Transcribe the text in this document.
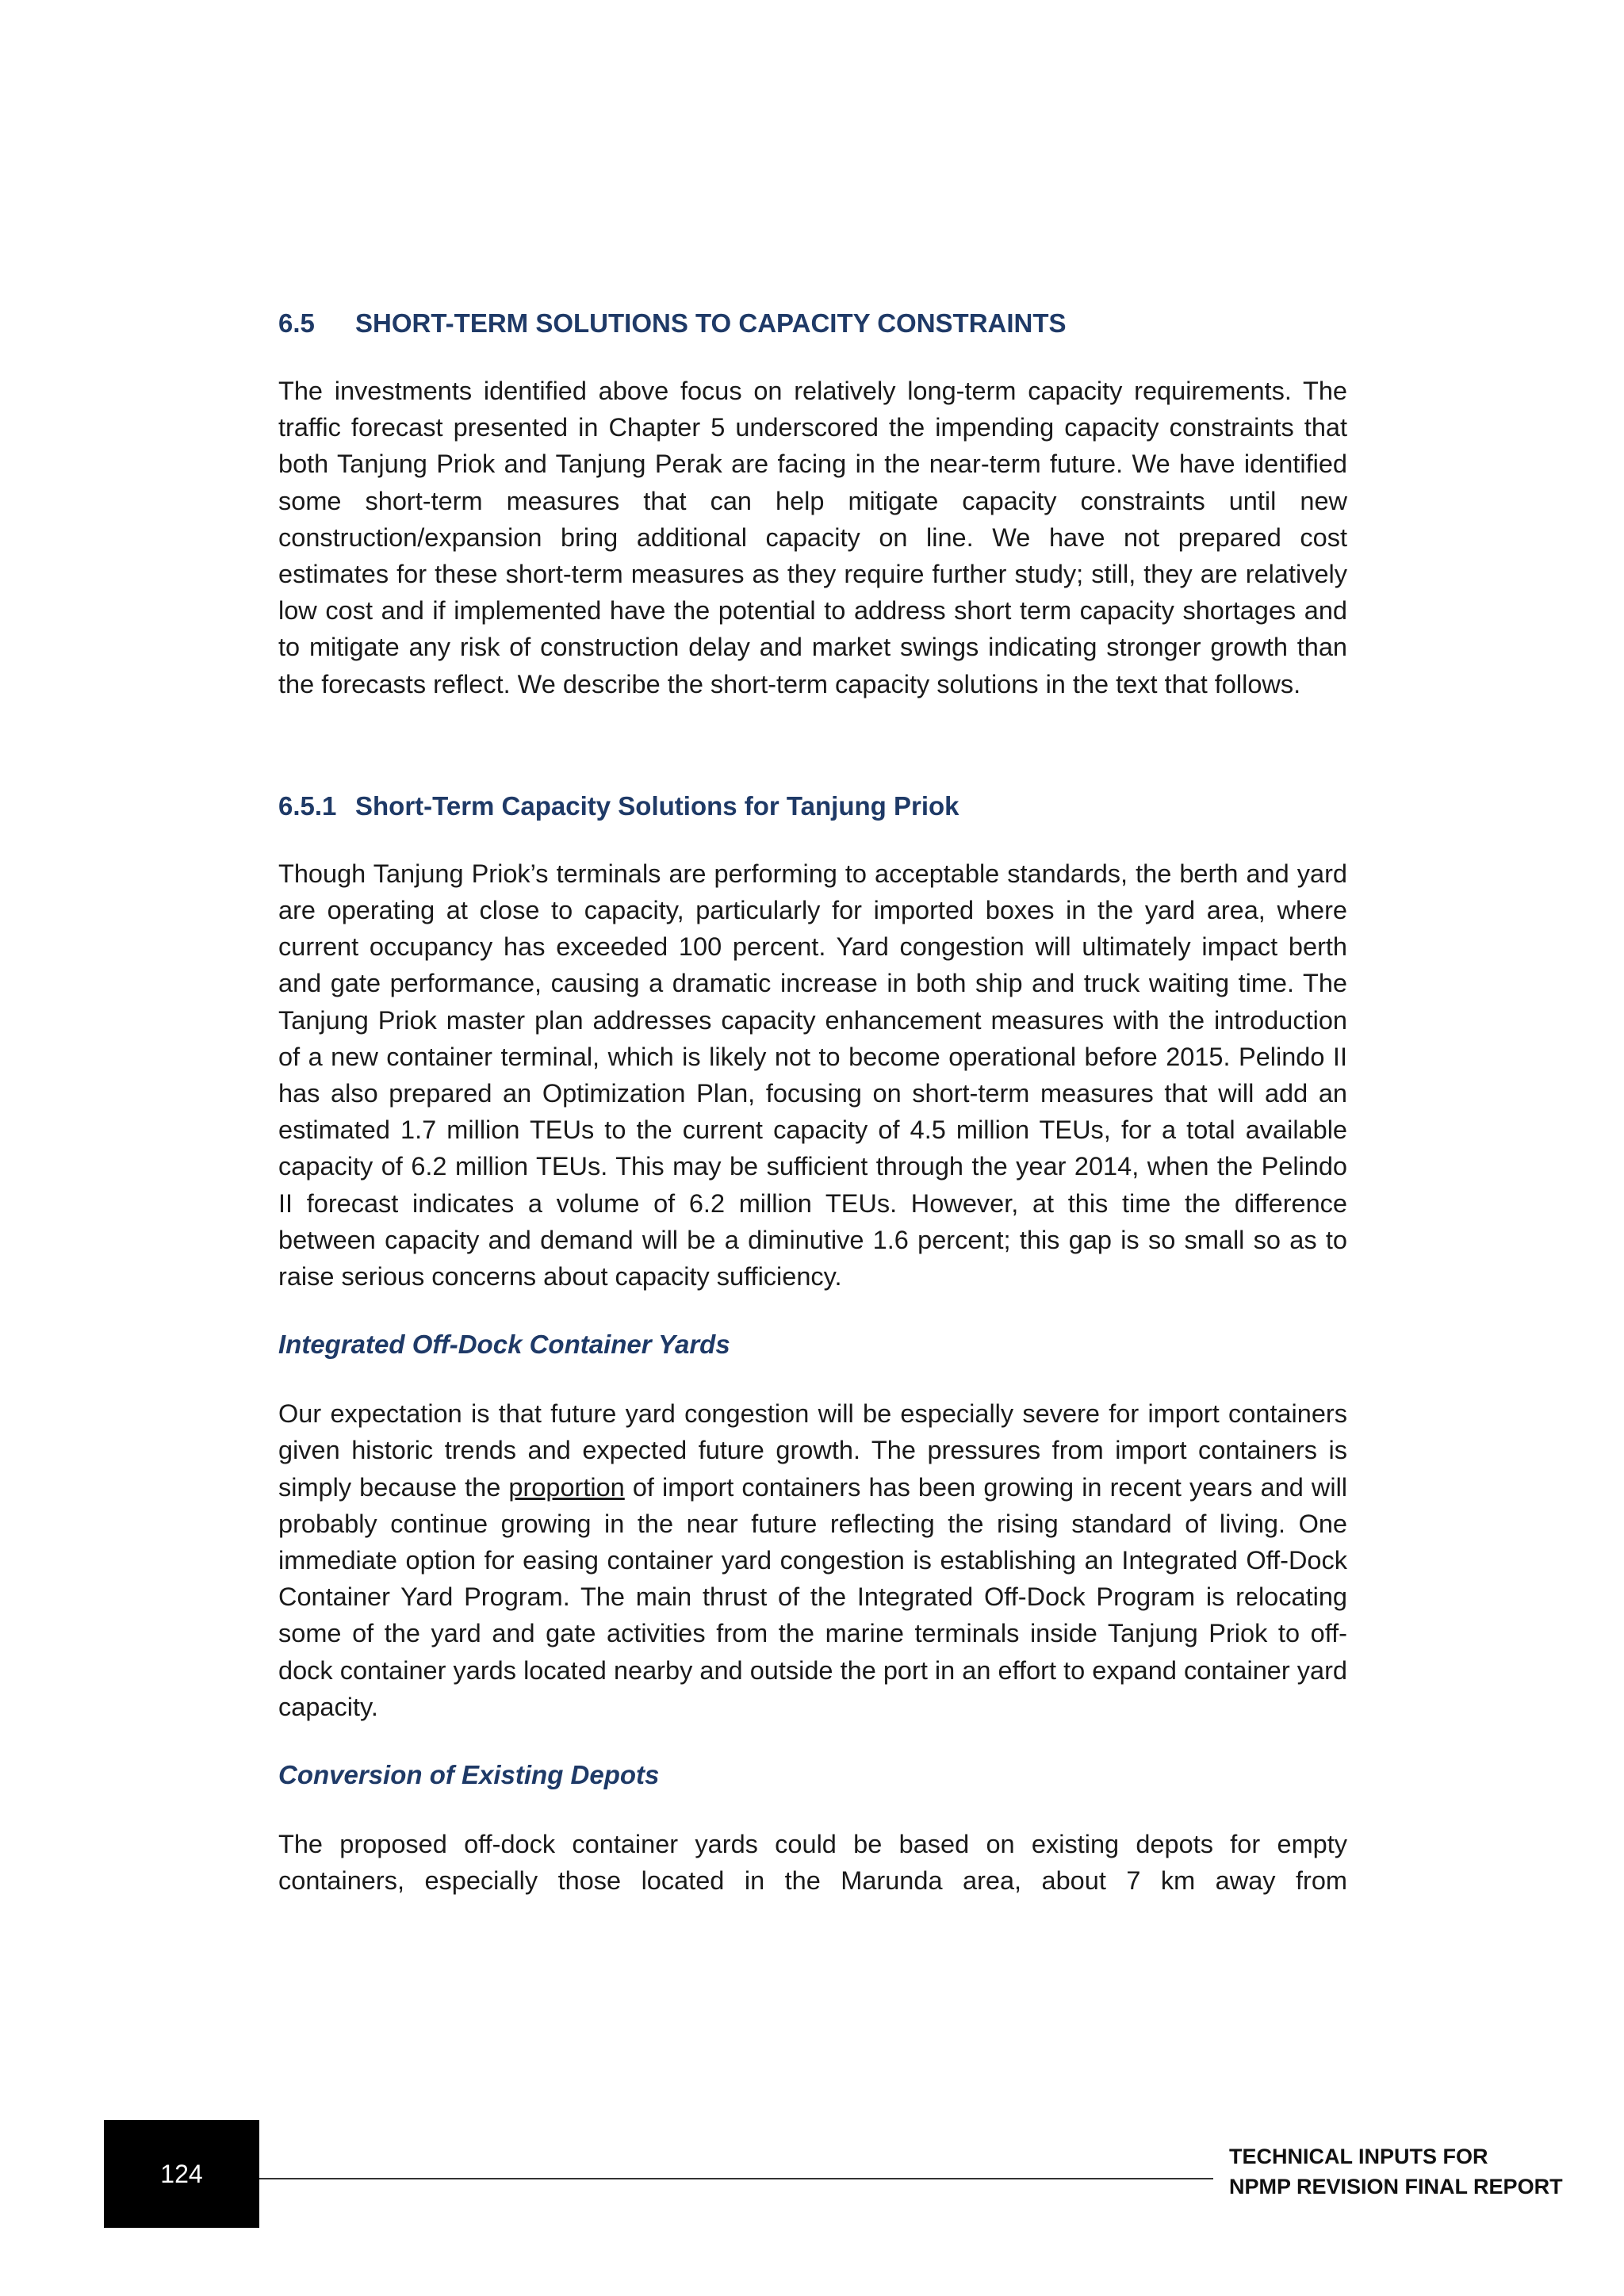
6.5 SHORT-TERM SOLUTIONS TO CAPACITY CONSTRAINTS

The investments identified above focus on relatively long-term capacity requirements. The traffic forecast presented in Chapter 5 underscored the impending capacity constraints that both Tanjung Priok and Tanjung Perak are facing in the near-term future. We have identified some short-term measures that can help mitigate capacity constraints until new construction/expansion bring additional capacity on line. We have not prepared cost estimates for these short-term measures as they require further study; still, they are relatively low cost and if implemented have the potential to address short term capacity shortages and to mitigate any risk of construction delay and market swings indicating stronger growth than the forecasts reflect. We describe the short-term capacity solutions in the text that follows.

6.5.1 Short-Term Capacity Solutions for Tanjung Priok

Though Tanjung Priok’s terminals are performing to acceptable standards, the berth and yard are operating at close to capacity, particularly for imported boxes in the yard area, where current occupancy has exceeded 100 percent. Yard congestion will ultimately impact berth and gate performance, causing a dramatic increase in both ship and truck waiting time. The Tanjung Priok master plan addresses capacity enhancement measures with the introduction of a new container terminal, which is likely not to become operational before 2015. Pelindo II has also prepared an Optimization Plan, focusing on short-term measures that will add an estimated 1.7 million TEUs to the current capacity of 4.5 million TEUs, for a total available capacity of 6.2 million TEUs. This may be sufficient through the year 2014, when the Pelindo II forecast indicates a volume of 6.2 million TEUs. However, at this time the difference between capacity and demand will be a diminutive 1.6 percent; this gap is so small so as to raise serious concerns about capacity sufficiency.

Integrated Off-Dock Container Yards

Our expectation is that future yard congestion will be especially severe for import containers given historic trends and expected future growth. The pressures from import containers is simply because the proportion of import containers has been growing in recent years and will probably continue growing in the near future reflecting the rising standard of living. One immediate option for easing container yard congestion is establishing an Integrated Off-Dock Container Yard Program. The main thrust of the Integrated Off-Dock Program is relocating some of the yard and gate activities from the marine terminals inside Tanjung Priok to off-dock container yards located nearby and outside the port in an effort to expand container yard capacity.

Conversion of Existing Depots

The proposed off-dock container yards could be based on existing depots for empty containers, especially those located in the Marunda area, about 7 km away from

124
TECHNICAL INPUTS FOR
NPMP REVISION FINAL REPORT
